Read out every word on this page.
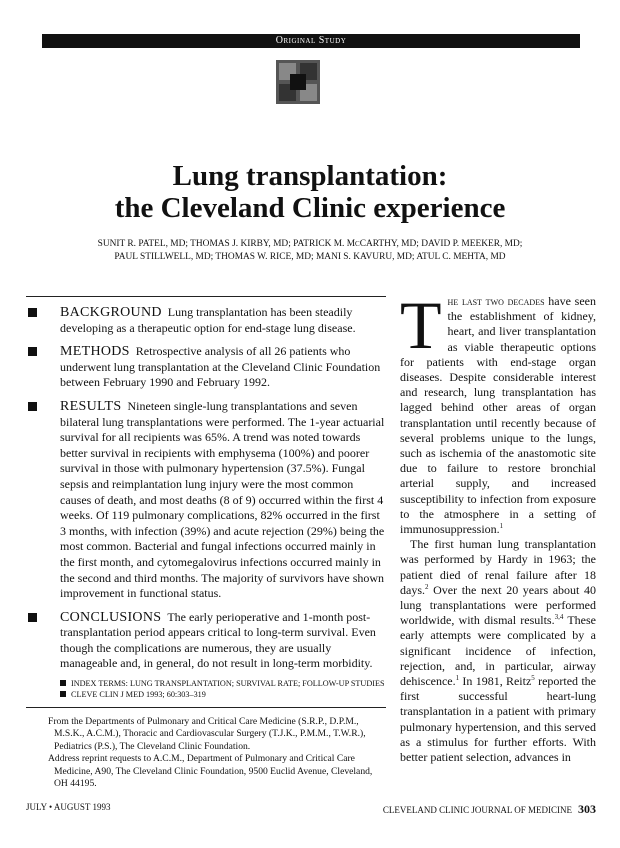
Original Study
Lung transplantation:
the Cleveland Clinic experience
SUNIT R. PATEL, MD; THOMAS J. KIRBY, MD; PATRICK M. McCARTHY, MD; DAVID P. MEEKER, MD;
PAUL STILLWELL, MD; THOMAS W. RICE, MD; MANI S. KAVURU, MD; ATUL C. MEHTA, MD
BACKGROUND Lung transplantation has been steadily developing as a therapeutic option for end-stage lung disease.
METHODS Retrospective analysis of all 26 patients who underwent lung transplantation at the Cleveland Clinic Foundation between February 1990 and February 1992.
RESULTS Nineteen single-lung transplantations and seven bilateral lung transplantations were performed. The 1-year actuarial survival for all recipients was 65%. A trend was noted towards better survival in recipients with emphysema (100%) and poorer survival in those with pulmonary hypertension (37.5%). Fungal sepsis and reimplantation lung injury were the most common causes of death, and most deaths (8 of 9) occurred within the first 4 weeks. Of 119 pulmonary complications, 82% occurred in the first 3 months, with infection (39%) and acute rejection (29%) being the most common. Bacterial and fungal infections occurred mainly in the first month, and cytomegalovirus infections occurred mainly in the second and third months. The majority of survivors have shown improvement in functional status.
CONCLUSIONS The early perioperative and 1-month post-transplantation period appears critical to long-term survival. Even though the complications are numerous, they are usually manageable and, in general, do not result in long-term morbidity.
INDEX TERMS: LUNG TRANSPLANTATION; SURVIVAL RATE; FOLLOW-UP STUDIES
CLEVE CLIN J MED 1993; 60:303–319

From the Departments of Pulmonary and Critical Care Medicine (S.R.P., D.P.M., M.S.K., A.C.M.), Thoracic and Cardiovascular Surgery (T.J.K., P.M.M., T.W.R.), Pediatrics (P.S.), The Cleveland Clinic Foundation.

Address reprint requests to A.C.M., Department of Pulmonary and Critical Care Medicine, A90, The Cleveland Clinic Foundation, 9500 Euclid Avenue, Cleveland, OH 44195.

The last two decades have seen the establishment of kidney, heart, and liver transplantation as viable therapeutic options for patients with end-stage organ diseases. Despite considerable interest and research, lung transplantation has lagged behind other areas of organ transplantation until recently because of several problems unique to the lungs, such as ischemia of the anastomotic site due to failure to restore bronchial arterial supply, and increased susceptibility to infection from exposure to the atmosphere in a setting of immunosuppression.$^1$

The first human lung transplantation was performed by Hardy in 1963; the patient died of renal failure after 18 days.$^2$ Over the next 20 years about 40 lung transplantations were performed worldwide, with dismal results.$^{3,4}$ These early attempts were complicated by a significant incidence of infection, rejection, and, in particular, airway dehiscence.$^1$ In 1981, Reitz$^5$ reported the first successful heart-lung transplantation in a patient with primary pulmonary hypertension, and this served as a stimulus for further efforts. With better patient selection, advances in

JULY • AUGUST 1993	CLEVELAND CLINIC JOURNAL OF MEDICINE 303
